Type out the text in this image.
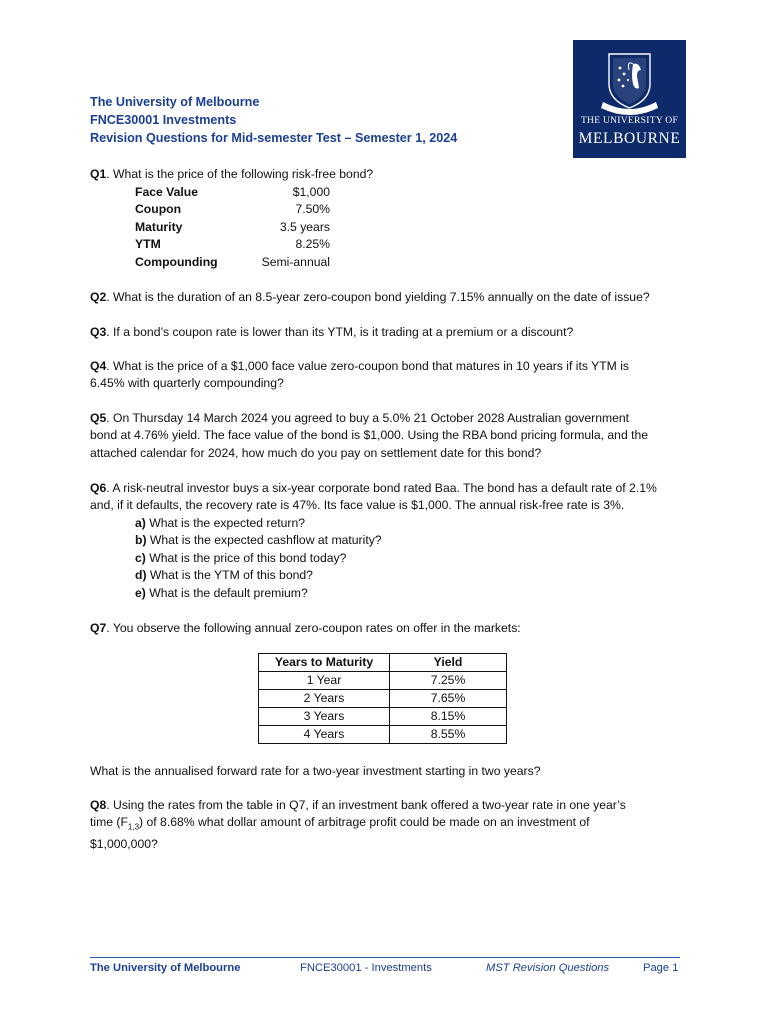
The University of Melbourne
FNCE30001 Investments
Revision Questions for Mid-semester Test – Semester 1, 2024
THE UNIVERSITY OF
MELBOURNE
Q1. What is the price of the following risk-free bond?
Face Value	$1,000
Coupon	7.50%
Maturity	3.5 years
YTM	8.25%
Compounding	Semi-annual
Q2. What is the duration of an 8.5-year zero-coupon bond yielding 7.15% annually on the date of issue?
Q3. If a bond’s coupon rate is lower than its YTM, is it trading at a premium or a discount?
Q4. What is the price of a $1,000 face value zero-coupon bond that matures in 10 years if its YTM is
6.45% with quarterly compounding?
Q5. On Thursday 14 March 2024 you agreed to buy a 5.0% 21 October 2028 Australian government
bond at 4.76% yield. The face value of the bond is $1,000. Using the RBA bond pricing formula, and the
attached calendar for 2024, how much do you pay on settlement date for this bond?
Q6. A risk-neutral investor buys a six-year corporate bond rated Baa. The bond has a default rate of 2.1%
and, if it defaults, the recovery rate is 47%. Its face value is $1,000. The annual risk-free rate is 3%.
a) What is the expected return?
b) What is the expected cashflow at maturity?
c) What is the price of this bond today?
d) What is the YTM of this bond?
e) What is the default premium?
Q7. You observe the following annual zero-coupon rates on offer in the markets:
Years to Maturity	Yield
1 Year	7.25%
2 Years	7.65%
3 Years	8.15%
4 Years	8.55%
What is the annualised forward rate for a two-year investment starting in two years?
Q8. Using the rates from the table in Q7, if an investment bank offered a two-year rate in one year’s
time $(F_{1,3})$ of 8.68% what dollar amount of arbitrage profit could be made on an investment of
$1,000,000?
The University of Melbourne	FNCE30001 - Investments	MST Revision Questions	Page 1
